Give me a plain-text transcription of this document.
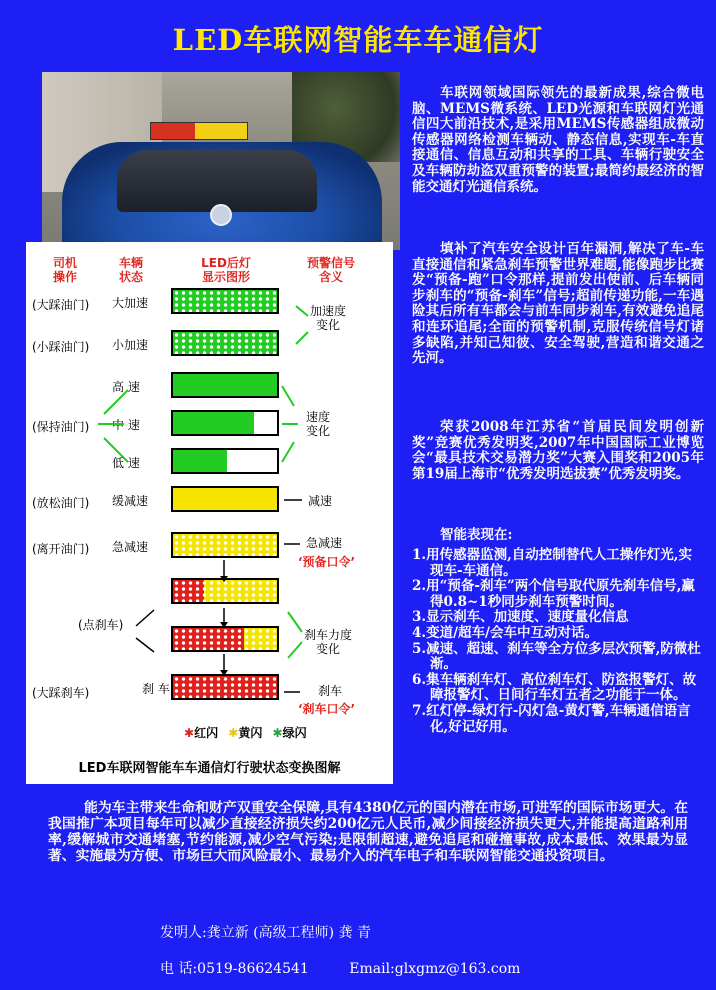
LED车联网智能车车通信灯
司机
操作
车辆
状态
LED后灯
显示图形
预警信号
含义
(大踩油门) 大加速
(小踩油门) 小加速
高 速
(保持油门) 中 速
低 速
(放松油门) 缓减速
(离开油门) 急减速
(点刹车)
(大踩刹车)	刹 车
加速度
变化
速度
变化
减速
急减速
‘预备口令’
刹车力度
变化
刹车
‘刹车口令’
✱红闪 ✱黄闪 ✱绿闪
LED车联网智能车车通信灯行驶状态变换图解
车联网领域国际领先的最新成果,综合微电脑、MEMS微系统、LED光源和车联网灯光通信四大前沿技术,是采用MEMS传感器组成微动传感器网络检测车辆动、静态信息,实现车-车直接通信、信息互动和共享的工具、车辆行驶安全及车辆防劫盗双重预警的装置;最简约最经济的智能交通灯光通信系统。
填补了汽车安全设计百年漏洞,解决了车-车直接通信和紧急刹车预警世界难题,能像跑步比赛发“预备-跑”口令那样,提前发出使前、后车辆同步刹车的“预备-刹车”信号;超前传递功能,一车遇险其后所有车都会与前车同步刹车,有效避免追尾和连环追尾;全面的预警机制,克服传统信号灯诸多缺陷,并知己知彼、安全驾驶,营造和谐交通之先河。
荣获2008年江苏省“首届民间发明创新奖”竞赛优秀发明奖,2007年中国国际工业博览会“最具技术交易潜力奖”大赛入围奖和2005年第19届上海市“优秀发明选拔赛”优秀发明奖。
智能表现在:
1.用传感器监测,自动控制替代人工操作灯光,实现车-车通信。
2.用“预备-刹车”两个信号取代原先刹车信号,赢得0.8~1秒同步刹车预警时间。
3.显示刹车、加速度、速度量化信息
4.变道/超车/会车中互动对话。
5.减速、超速、刹车等全方位多层次预警,防微杜渐。
6.集车辆刹车灯、高位刹车灯、防盗报警灯、故障报警灯、日间行车灯五者之功能于一体。
7.红灯停-绿灯行-闪灯急-黄灯警,车辆通信语言化,好记好用。
能为车主带来生命和财产双重安全保障,具有4380亿元的国内潜在市场,可进军的国际市场更大。在我国推广本项目每年可以减少直接经济损失约200亿元人民币,减少间接经济损失更大,并能提高道路利用率,缓解城市交通堵塞,节约能源,减少空气污染;是限制超速,避免追尾和碰撞事故,成本最低、效果最为显著、实施最为方便、市场巨大而风险最小、最易介入的汽车电子和车联网智能交通投资项目。
发明人:龚立新 (高级工程师) 龚 青
电 话:0519-86624541	Email:glxgmz@163.com
